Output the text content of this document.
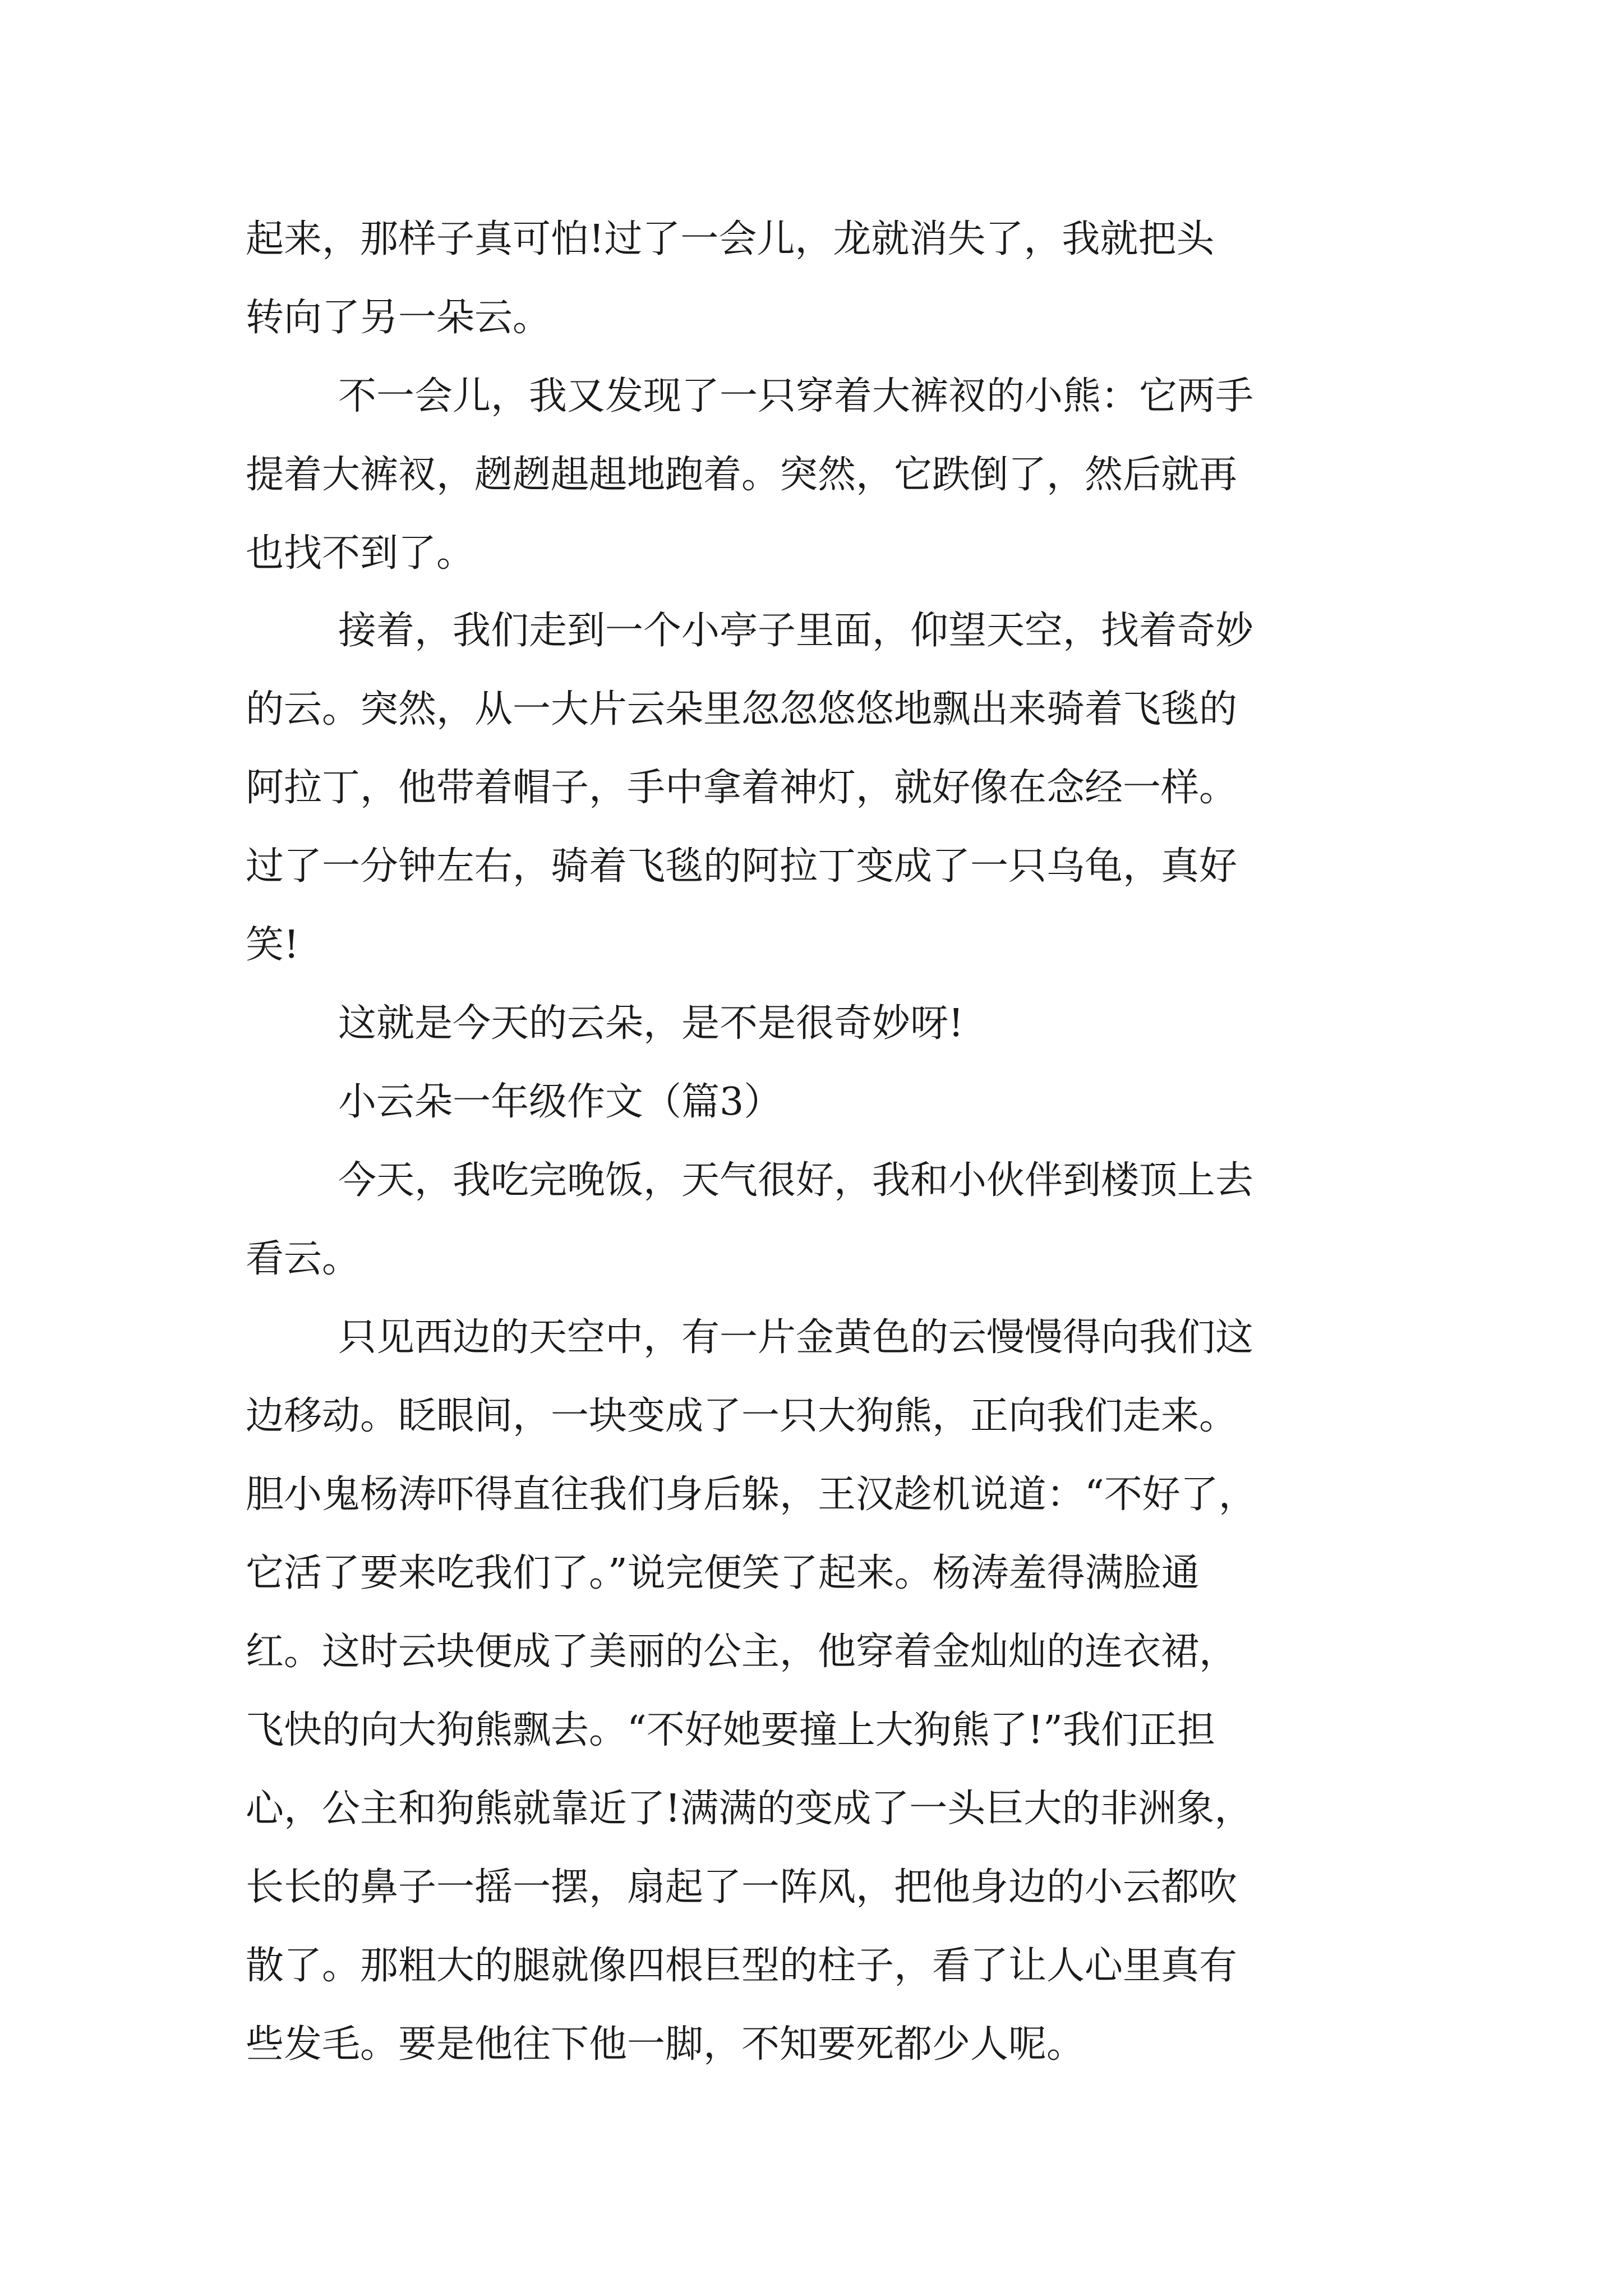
起来，那样子真可怕!过了一会儿，龙就消失了，我就把头
转向了另一朵云。
不一会儿，我又发现了一只穿着大裤衩的小熊：它两手
提着大裤衩，趔趔趄趄地跑着。突然，它跌倒了，然后就再
也找不到了。
接着，我们走到一个小亭子里面，仰望天空，找着奇妙
的云。突然，从一大片云朵里忽忽悠悠地飘出来骑着飞毯的
阿拉丁，他带着帽子，手中拿着神灯，就好像在念经一样。
过了一分钟左右，骑着飞毯的阿拉丁变成了一只乌龟，真好
笑!
这就是今天的云朵，是不是很奇妙呀!
小云朵一年级作文（篇3）
今天，我吃完晚饭，天气很好，我和小伙伴到楼顶上去
看云。
只见西边的天空中，有一片金黄色的云慢慢得向我们这
边移动。眨眼间，一块变成了一只大狗熊，正向我们走来。
胆小鬼杨涛吓得直往我们身后躲，王汉趁机说道：“不好了，
它活了要来吃我们了。”说完便笑了起来。杨涛羞得满脸通
红。这时云块便成了美丽的公主，他穿着金灿灿的连衣裙，
飞快的向大狗熊飘去。“不好她要撞上大狗熊了!”我们正担
心，公主和狗熊就靠近了!满满的变成了一头巨大的非洲象，
长长的鼻子一摇一摆，扇起了一阵风，把他身边的小云都吹
散了。那粗大的腿就像四根巨型的柱子，看了让人心里真有
些发毛。要是他往下他一脚，不知要死都少人呢。
